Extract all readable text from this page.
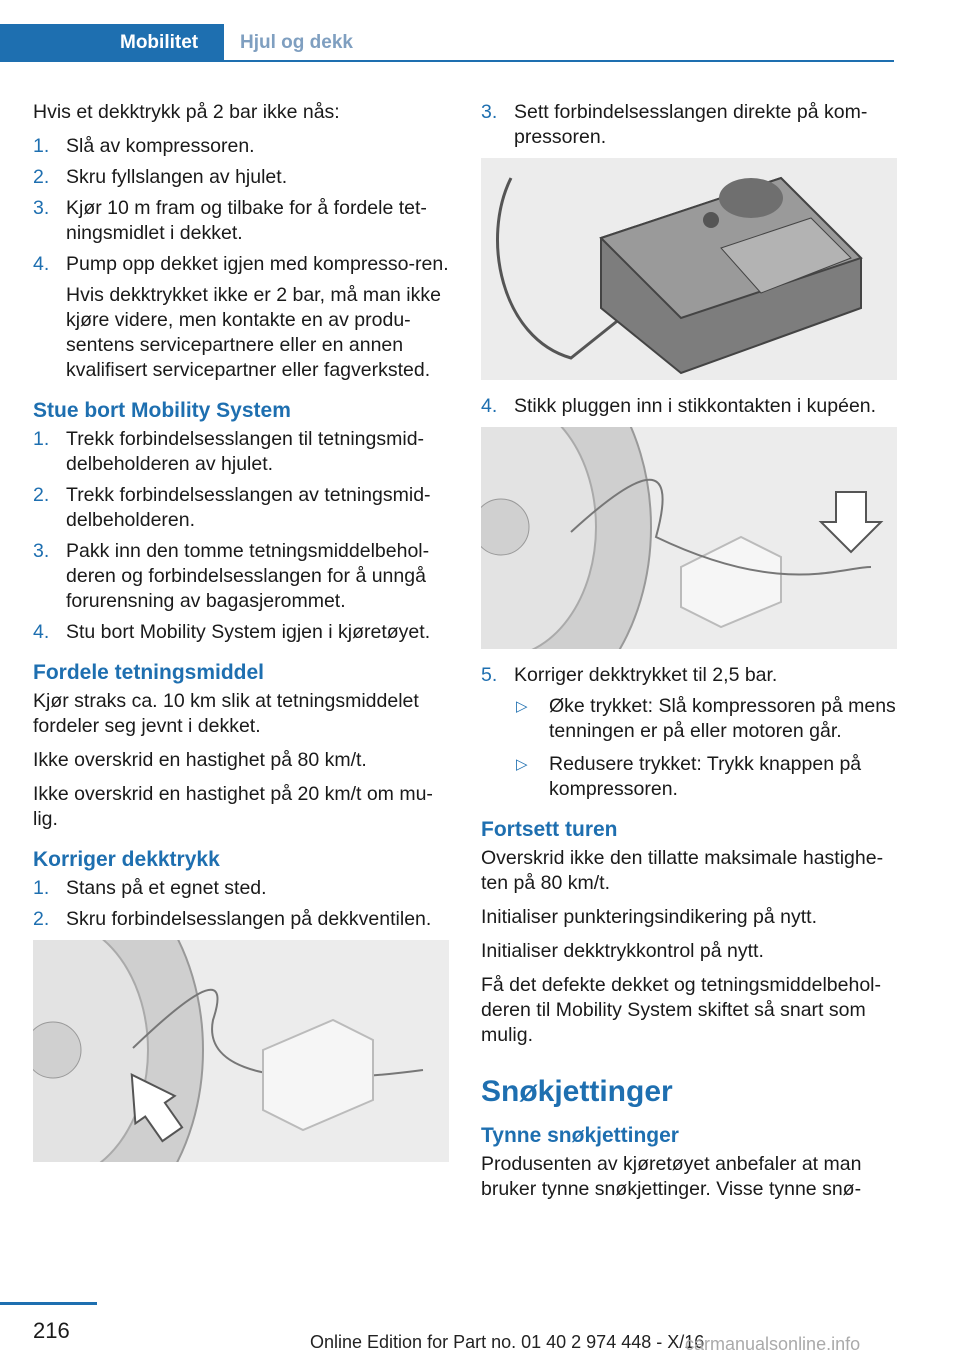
Mobilitet	Hjul og dekk

Hvis et dekktrykk på 2 bar ikke nås:

1. Slå av kompressoren.
2. Skru fyllslangen av hjulet.
3. Kjør 10 m fram og tilbake for å fordele tet‐ningsmidlet i dekket.
4. Pump opp dekket igjen med kompresso‐ren.
Hvis dekktrykket ikke er 2 bar, må man ikke kjøre videre, men kontakte en av produ‐sentens servicepartnere eller en annen kvalifisert servicepartner eller fagverksted.
Stue bort Mobility System
1. Trekk forbindelsesslangen til tetningsmid‐delbeholderen av hjulet.
2. Trekk forbindelsesslangen av tetningsmid‐delbeholderen.
3. Pakk inn den tomme tetningsmiddelbehol‐deren og forbindelsesslangen for å unngå forurensning av bagasjerommet.
4. Stu bort Mobility System igjen i kjøretøyet.
Fordele tetningsmiddel

Kjør straks ca. 10 km slik at tetningsmiddelet fordeler seg jevnt i dekket.

Ikke overskrid en hastighet på 80 km/t.

Ikke overskrid en hastighet på 20 km/t om mu‐lig.

Korriger dekktrykk
1. Stans på et egnet sted.
2. Skru forbindelsesslangen på dekkventilen.
3. Sett forbindelsesslangen direkte på kom‐pressoren.
4. Stikk pluggen inn i stikkontakten i kupéen.
5. Korriger dekktrykket til 2,5 bar.
▷ Øke trykket: Slå kompressoren på mens tenningen er på eller motoren går.
▷ Redusere trykket: Trykk knappen på kompressoren.
Fortsett turen

Overskrid ikke den tillatte maksimale hastighe‐ten på 80 km/t.

Initialiser punkteringsindikering på nytt.

Initialiser dekktrykkontrol på nytt.

Få det defekte dekket og tetningsmiddelbehol‐deren til Mobility System skiftet så snart som mulig.

Snøkjettinger
Tynne snøkjettinger

Produsenten av kjøretøyet anbefaler at man bruker tynne snøkjettinger. Visse tynne snø‐

216	Online Edition for Part no. 01 40 2 974 448 - X/16
carmanualsonline.info
